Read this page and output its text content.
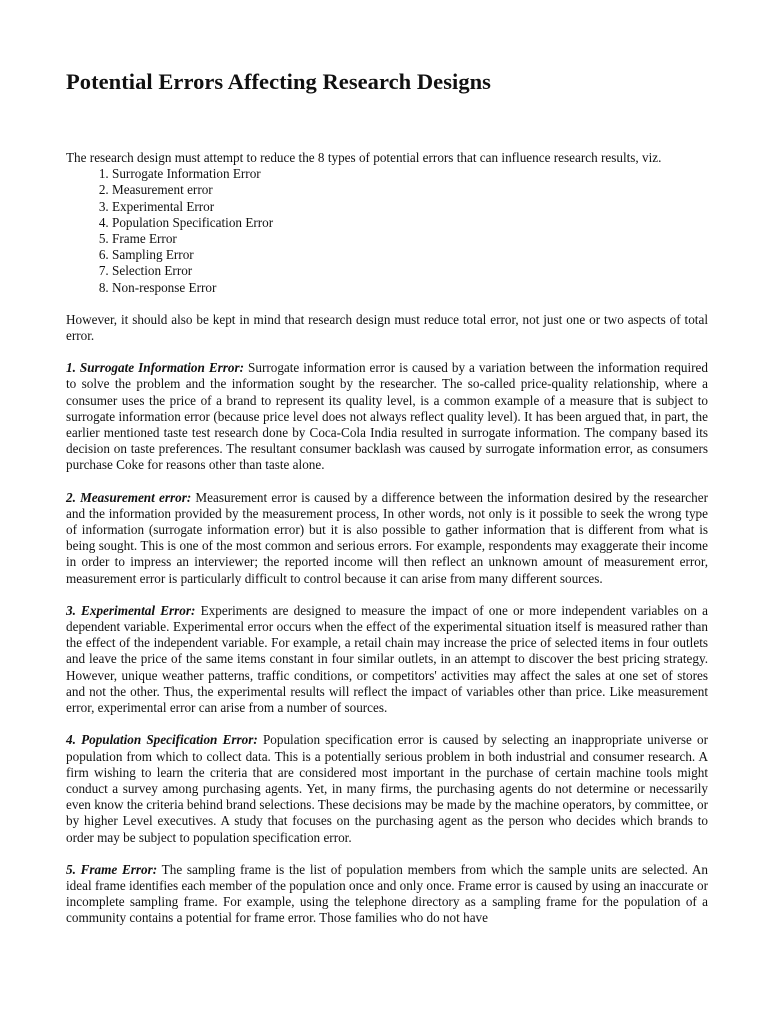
Potential Errors Affecting Research Designs

The research design must attempt to reduce the 8 types of potential errors that can influence research results, viz.

1. Surrogate Information Error
2. Measurement error
3. Experimental Error
4. Population Specification Error
5. Frame Error
6. Sampling Error
7. Selection Error
8. Non-response Error

However, it should also be kept in mind that research design must reduce total error, not just one or two aspects of total error.

1. Surrogate Information Error: Surrogate information error is caused by a variation between the information required to solve the problem and the information sought by the researcher. The so-called price-quality relationship, where a consumer uses the price of a brand to represent its quality level, is a common example of a measure that is subject to surrogate information error (because price level does not always reflect quality level). It has been argued that, in part, the earlier mentioned taste test research done by Coca-Cola India resulted in surrogate information. The company based its decision on taste preferences. The resultant consumer backlash was caused by surrogate information error, as consumers purchase Coke for reasons other than taste alone.

2. Measurement error: Measurement error is caused by a difference between the information desired by the researcher and the information provided by the measurement process, In other words, not only is it possible to seek the wrong type of information (surrogate information error) but it is also possible to gather information that is different from what is being sought. This is one of the most common and serious errors. For example, respondents may exaggerate their income in order to impress an interviewer; the reported income will then reflect an unknown amount of measurement error, measurement error is particularly difficult to control because it can arise from many different sources.

3. Experimental Error: Experiments are designed to measure the impact of one or more independent variables on a dependent variable. Experimental error occurs when the effect of the experimental situation itself is measured rather than the effect of the independent variable. For example, a retail chain may increase the price of selected items in four outlets and leave the price of the same items constant in four similar outlets, in an attempt to discover the best pricing strategy. However, unique weather patterns, traffic conditions, or competitors' activities may affect the sales at one set of stores and not the other. Thus, the experimental results will reflect the impact of variables other than price. Like measurement error, experimental error can arise from a number of sources.

4. Population Specification Error: Population specification error is caused by selecting an inappropriate universe or population from which to collect data. This is a potentially serious problem in both industrial and consumer research. A firm wishing to learn the criteria that are considered most important in the purchase of certain machine tools might conduct a survey among purchasing agents. Yet, in many firms, the purchasing agents do not determine or necessarily even know the criteria behind brand selections. These decisions may be made by the machine operators, by committee, or by higher Level executives. A study that focuses on the purchasing agent as the person who decides which brands to order may be subject to population specification error.

5. Frame Error: The sampling frame is the list of population members from which the sample units are selected. An ideal frame identifies each member of the population once and only once. Frame error is caused by using an inaccurate or incomplete sampling frame. For example, using the telephone directory as a sampling frame for the population of a community contains a potential for frame error. Those families who do not have
